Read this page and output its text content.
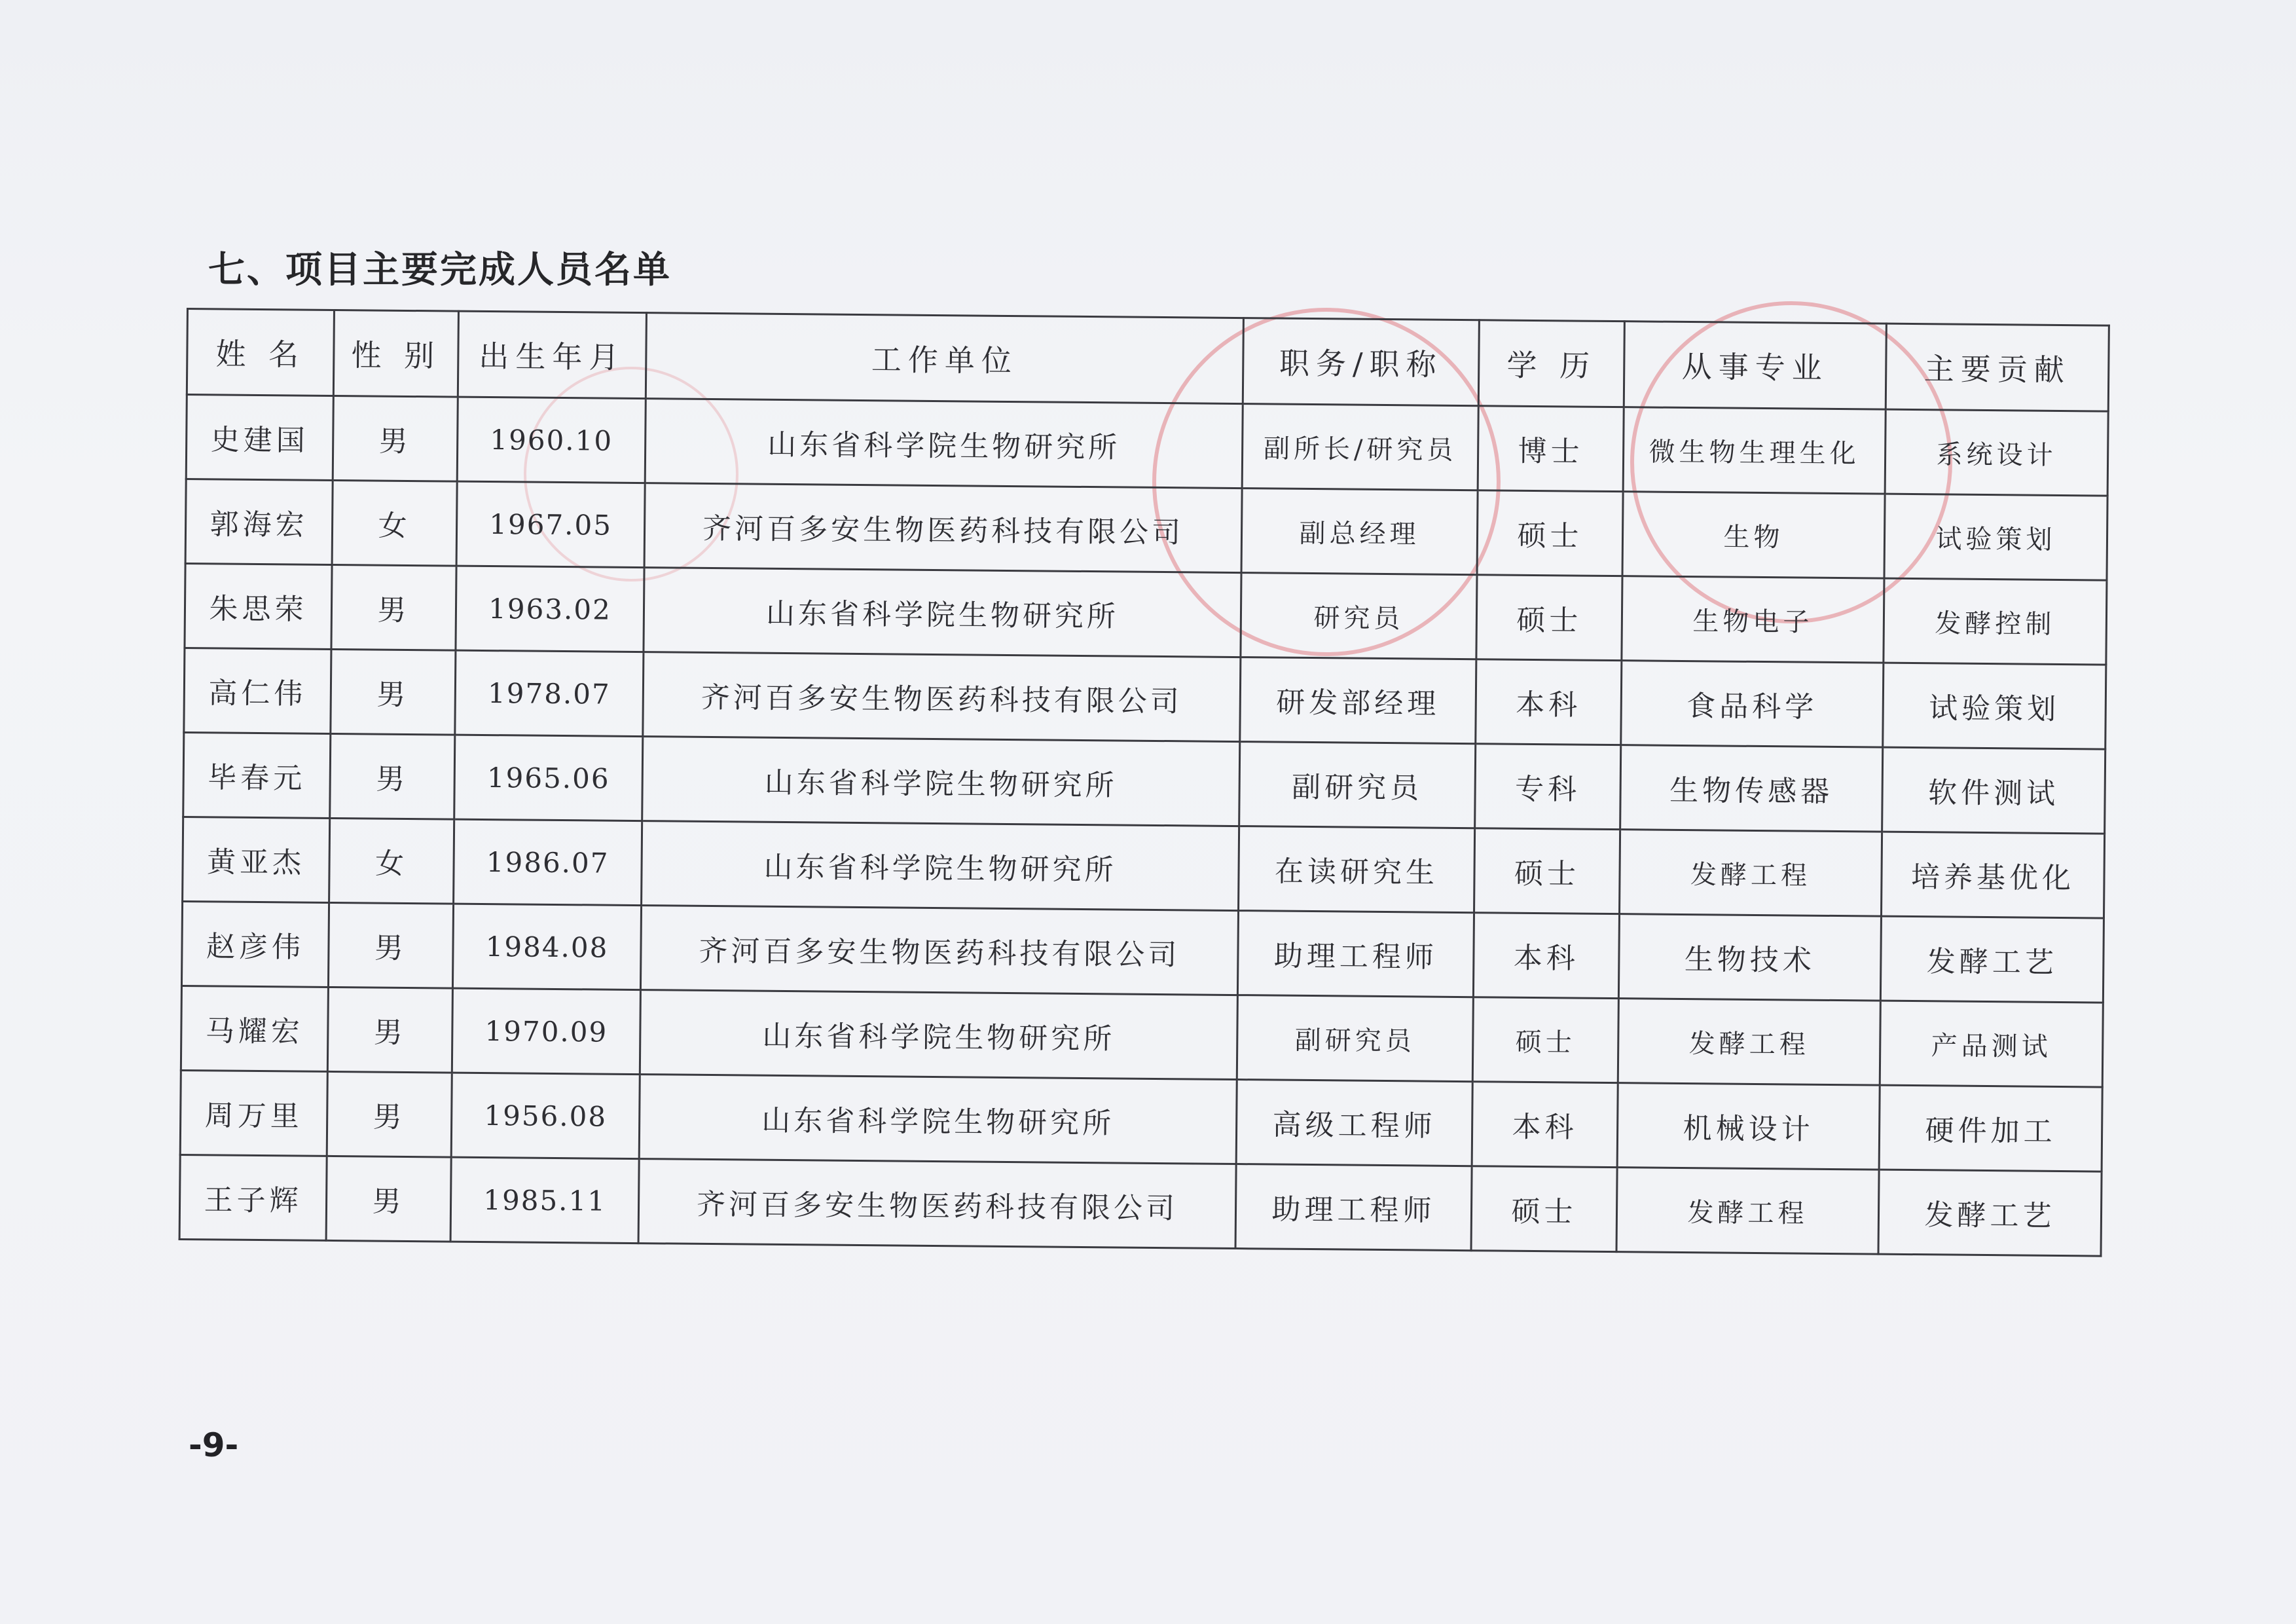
七、项目主要完成人员名单
姓 名	性 别	出生年月	工作单位	职务/职称	学 历	从事专业	主要贡献
史建国	男	1960.10	山东省科学院生物研究所	副所长/研究员	博士	微生物生理生化	系统设计
郭海宏	女	1967.05	齐河百多安生物医药科技有限公司	副总经理	硕士	生物	试验策划
朱思荣	男	1963.02	山东省科学院生物研究所	研究员	硕士	生物电子	发酵控制
高仁伟	男	1978.07	齐河百多安生物医药科技有限公司	研发部经理	本科	食品科学	试验策划
毕春元	男	1965.06	山东省科学院生物研究所	副研究员	专科	生物传感器	软件测试
黄亚杰	女	1986.07	山东省科学院生物研究所	在读研究生	硕士	发酵工程	培养基优化
赵彦伟	男	1984.08	齐河百多安生物医药科技有限公司	助理工程师	本科	生物技术	发酵工艺
马耀宏	男	1970.09	山东省科学院生物研究所	副研究员	硕士	发酵工程	产品测试
周万里	男	1956.08	山东省科学院生物研究所	高级工程师	本科	机械设计	硬件加工
王子辉	男	1985.11	齐河百多安生物医药科技有限公司	助理工程师	硕士	发酵工程	发酵工艺
-9-
